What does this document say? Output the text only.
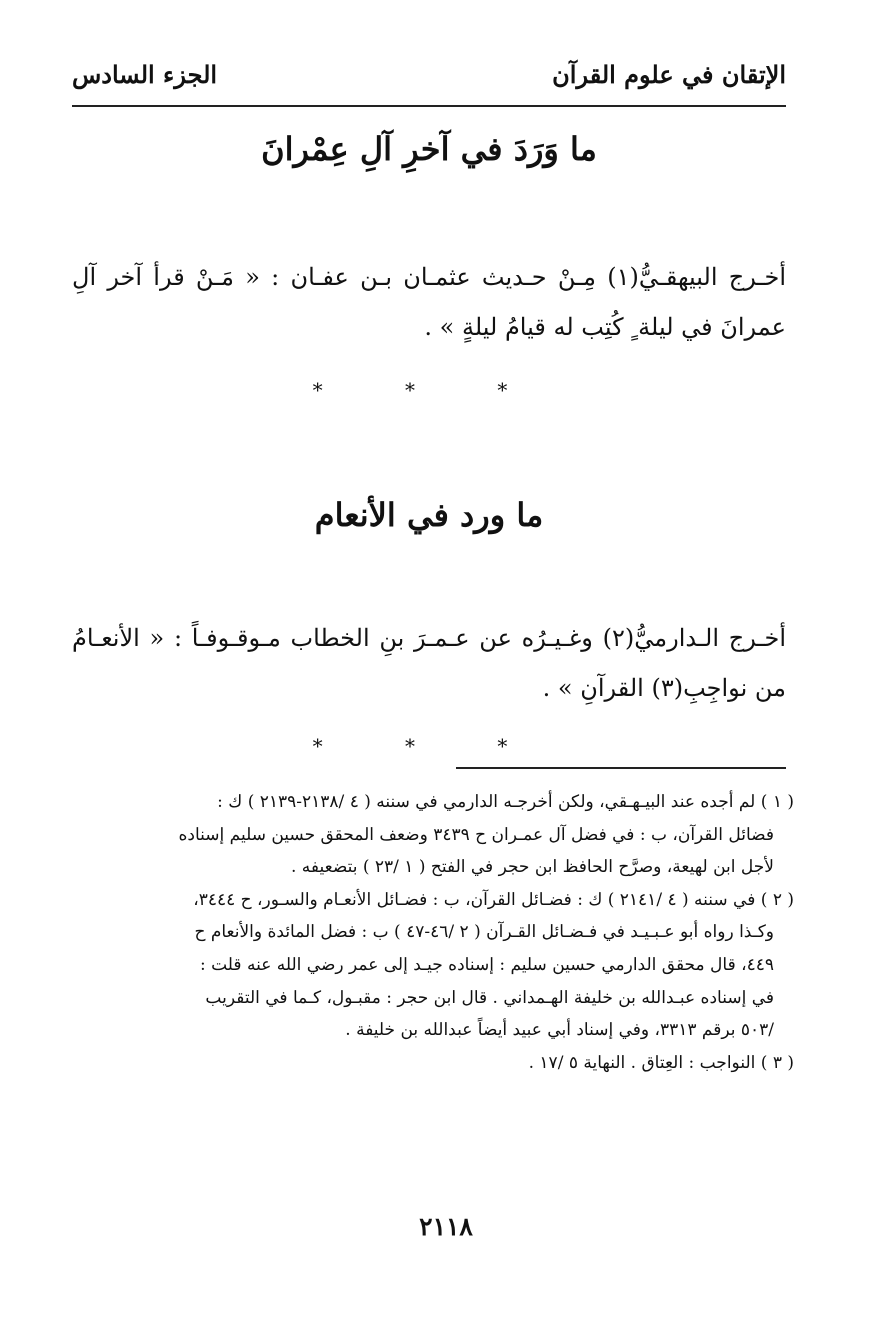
الإتقان في علوم القرآن
الجزء السادس
ما وَرَدَ في آخرِ آلِ عِمْرانَ
أخـرج البيهقـيُّ(١) مِـنْ حـديث عثمـان بـن عفـان : « مَـنْ قرأ آخر آلِ عمرانَ في ليلة ٍ كُتِب له قيامُ ليلةٍ » .
* * *
ما ورد في الأنعام
أخـرج الـدارميُّ(٢) وغـيـرُه عن عـمـرَ بنِ الخطاب مـوقـوفـاً : « الأنعـامُ من نواجِبِ(٣) القرآنِ » .
* * *
( ١ ) لم أجده عند البيـهـقي، ولكن أخرجـه الدارمي في سننه ( ٤ /٢١٣٨-٢١٣٩ ) ك :
فضائل القرآن، ب : في فضل آل عمـران ح ٣٤٣٩ وضعف المحقق حسين سليم إسناده
لأجل ابن لهيعة، وصرَّح الحافظ ابن حجر في الفتح ( ١ /٢٣ ) بتضعيفه .
( ٢ ) في سننه ( ٤ /٢١٤١ ) ك : فضـائل القرآن، ب : فضـائل الأنعـام والسـور، ح ٣٤٤٤،
وكـذا رواه أبو عـبـيـد في فـضـائل القـرآن ( ٢ /٤٦-٤٧ ) ب : فضل المائدة والأنعام ح
٤٤٩، قال محقق الدارمي حسين سليم : إسناده جيـد إلى عمر رضي الله عنه قلت :
في إسناده عبـدالله بن خليفة الهـمداني . قال ابن حجر : مقبـول، كـما في التقريب
/٥٠٣ برقم ٣٣١٣، وفي إسناد أبي عبيد أيضاً عبدالله بن خليفة .
( ٣ ) النواجب : العِتاق . النهاية ٥ /١٧ .
٢١١٨
